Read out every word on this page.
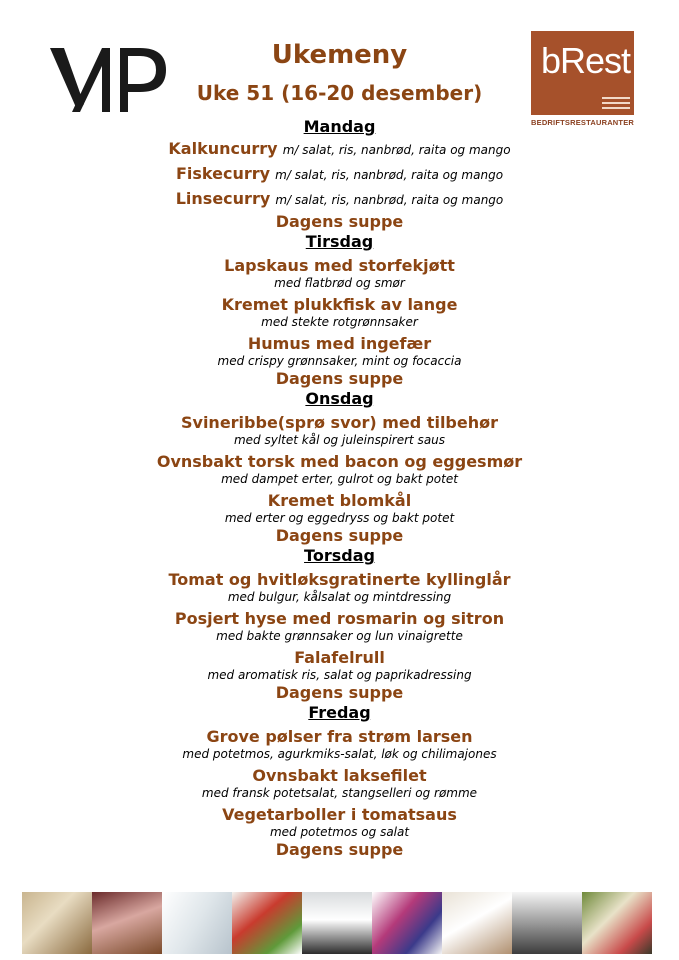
bRest
BEDRIFTSRESTAURANTER
Ukemeny
Uke 51 (16-20 desember)
Mandag
Kalkuncurry m/ salat, ris, nanbrød, raita og mango
Fiskecurry m/ salat, ris, nanbrød, raita og mango
Linsecurry m/ salat, ris, nanbrød, raita og mango
Dagens suppe
Tirsdag
Lapskaus med storfekjøtt
med flatbrød og smør
Kremet plukkfisk av lange
med stekte rotgrønnsaker
Humus med ingefær
med crispy grønnsaker, mint og focaccia
Dagens suppe
Onsdag
Svineribbe(sprø svor) med tilbehør
med syltet kål og juleinspirert saus
Ovnsbakt torsk med bacon og eggesmør
med dampet erter, gulrot og bakt potet
Kremet blomkål
med erter og eggedryss og bakt potet
Dagens suppe
Torsdag
Tomat og hvitløksgratinerte kyllinglår
med bulgur, kålsalat og mintdressing
Posjert hyse med rosmarin og sitron
med bakte grønnsaker og lun vinaigrette
Falafelrull
med aromatisk ris, salat og paprikadressing
Dagens suppe
Fredag
Grove pølser fra strøm larsen
med potetmos, agurkmiks-salat, løk og chilimajones
Ovnsbakt laksefilet
med fransk potetsalat, stangselleri og rømme
Vegetarboller i tomatsaus
med potetmos og salat
Dagens suppe
